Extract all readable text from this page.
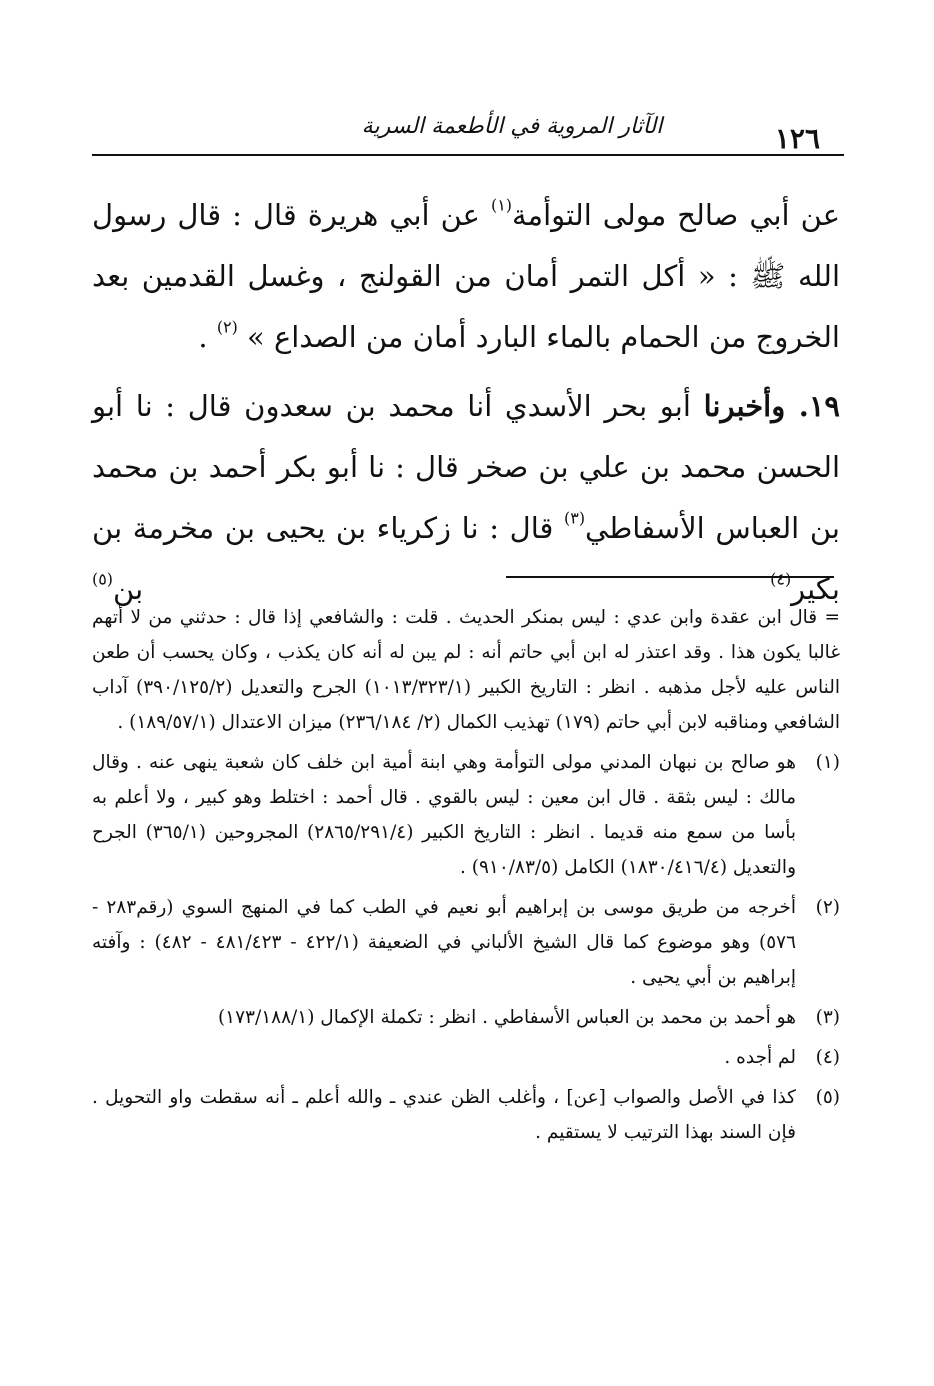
١٢٦
الآثار المروية في الأطعمة السرية

عن أبي صالح مولى التوأمة$^{(١)}$ عن أبي هريرة قال : قال رسول الله ﷺ : « أكل التمر أمان من القولنج ، وغسل القدمين بعد الخروج من الحمام بالماء البارد أمان من الصداع » $^{(٢)}$ .

١٩. وأخبرنا أبو بحر الأسدي أنا محمد بن سعدون قال : نا أبو الحسن محمد بن علي بن صخر قال : نا أبو بكر أحمد بن محمد بن العباس الأسفاطي$^{(٣)}$ قال : نا زكرياء بن يحيى بن مخرمة بن بكير$^{(٤)}$ بن$^{(٥)}$

= قال ابن عقدة وابن عدي : ليس بمنكر الحديث . قلت : والشافعي إذا قال : حدثني من لا أتهم غالبا يكون هذا . وقد اعتذر له ابن أبي حاتم أنه : لم يبن له أنه كان يكذب ، وكان يحسب أن طعن الناس عليه لأجل مذهبه . انظر : التاريخ الكبير (١٠١٣/٣٢٣/١) الجرح والتعديل (٣٩٠/١٢٥/٢) آداب الشافعي ومناقبه لابن أبي حاتم (١٧٩) تهذيب الكمال (٢/ ٢٣٦/١٨٤) ميزان الاعتدال (١٨٩/٥٧/١) .

(١)
هو صالح بن نبهان المدني مولى التوأمة وهي ابنة أمية ابن خلف كان شعبة ينهى عنه . وقال مالك : ليس بثقة . قال ابن معين : ليس بالقوي . قال أحمد : اختلط وهو كبير ، ولا أعلم به بأسا من سمع منه قديما . انظر : التاريخ الكبير (٢٨٦٥/٢٩١/٤) المجروحين (٣٦٥/١) الجرح والتعديل (١٨٣٠/٤١٦/٤) الكامل (٩١٠/٨٣/٥) .

(٢)
أخرجه من طريق موسى بن إبراهيم أبو نعيم في الطب كما في المنهج السوي (رقم٢٨٣ - ٥٧٦) وهو موضوع كما قال الشيخ الألباني في الضعيفة (٤٢٢/١ - ٤٨١/٤٢٣ - ٤٨٢) : وآفته إبراهيم بن أبي يحيى .

(٣)
هو أحمد بن محمد بن العباس الأسفاطي . انظر : تكملة الإكمال (١٧٣/١٨٨/١)

(٤)
لم أجده .

(٥)
كذا في الأصل والصواب [عن] ، وأغلب الظن عندي ـ والله أعلم ـ أنه سقطت واو التحويل . فإن السند بهذا الترتيب لا يستقيم .
